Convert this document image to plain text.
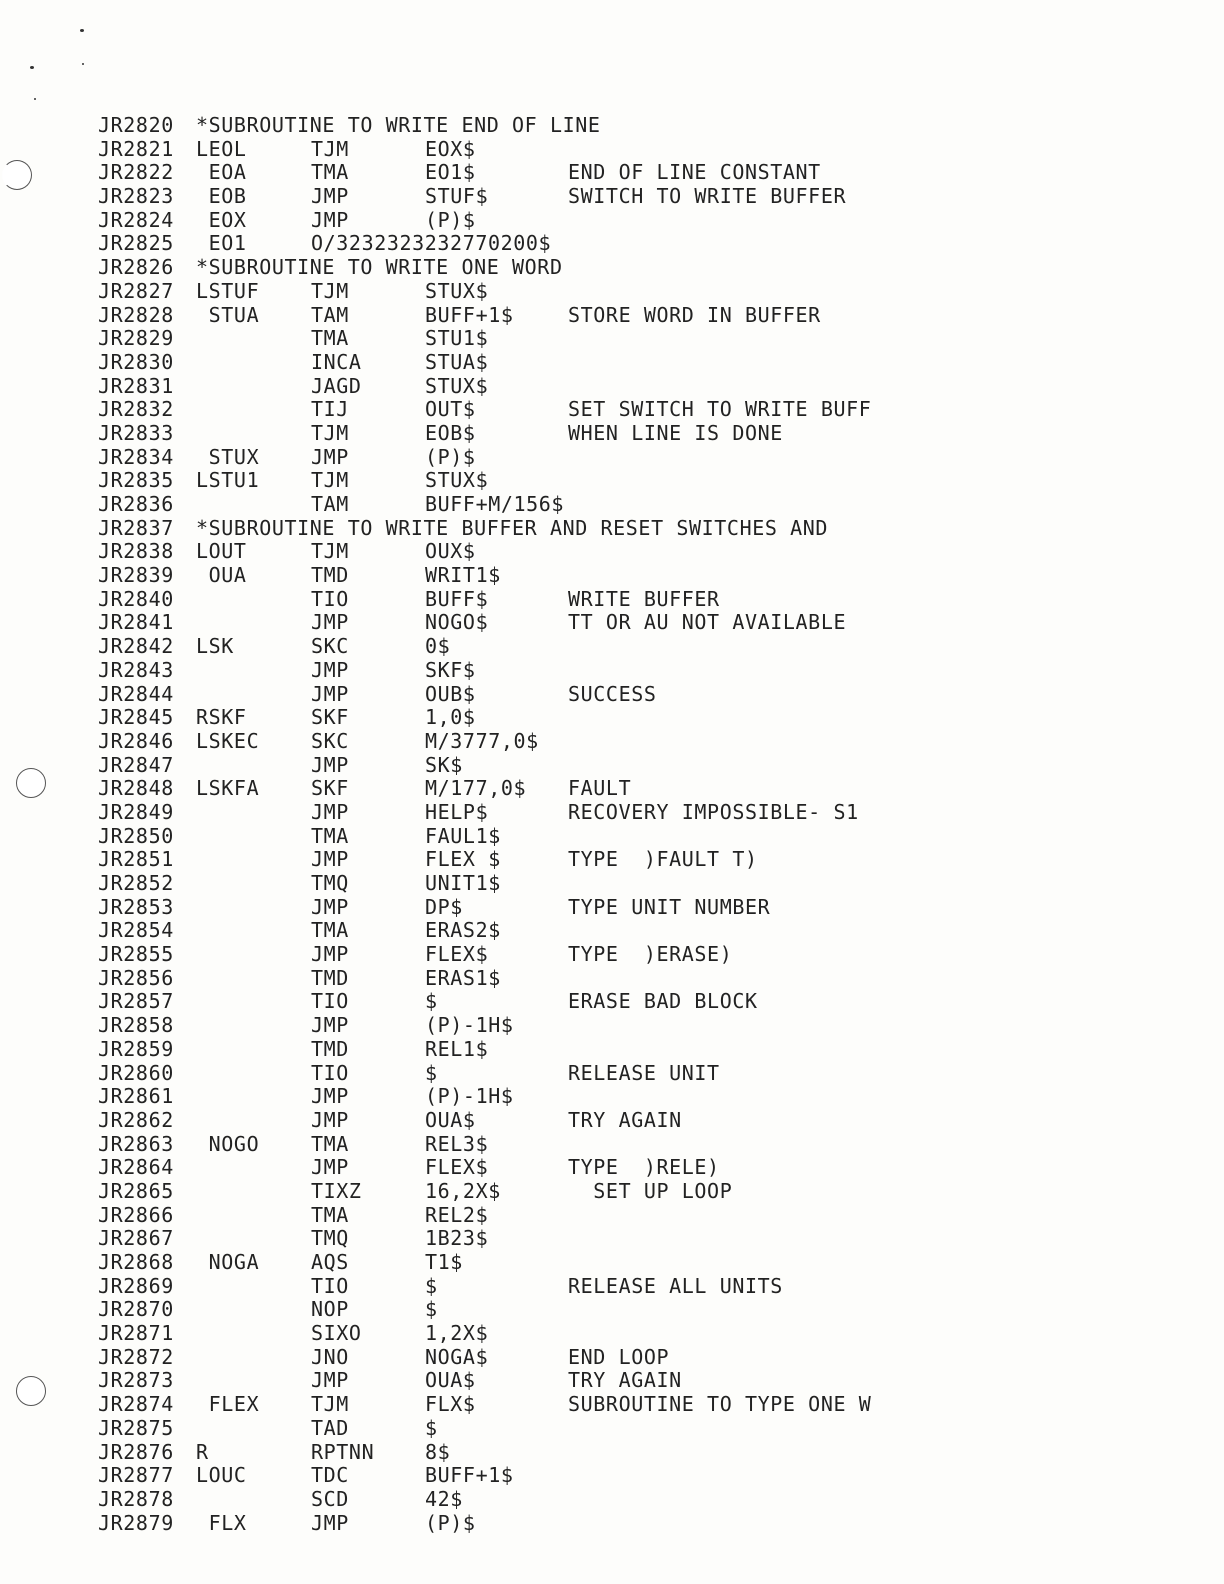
JR2820 *SUBROUTINE TO WRITE END OF LINE
JR2821 LEOL	TJM	EOX$
JR2822 EOA	TMA	EO1$	END OF LINE CONSTANT
JR2823 EOB	JMP	STUF$	SWITCH TO WRITE BUFFER
JR2824 EOX	JMP	(P)$
JR2825 EO1	O/3232323232770200$
JR2826 *SUBROUTINE TO WRITE ONE WORD
JR2827 LSTUF	TJM	STUX$
JR2828 STUA	TAM	BUFF+1$	STORE WORD IN BUFFER
JR2829	TMA	STU1$
JR2830	INCA	STUA$
JR2831	JAGD	STUX$
JR2832	TIJ	OUT$	SET SWITCH TO WRITE BUFF
JR2833	TJM	EOB$	WHEN LINE IS DONE
JR2834 STUX	JMP	(P)$
JR2835 LSTU1	TJM	STUX$
JR2836	TAM	BUFF+M/156$
JR2837 *SUBROUTINE TO WRITE BUFFER AND RESET SWITCHES AND
JR2838 LOUT	TJM	OUX$
JR2839 OUA	TMD	WRIT1$
JR2840	TIO	BUFF$	WRITE BUFFER
JR2841	JMP	NOGO$	TT OR AU NOT AVAILABLE
JR2842 LSK	SKC	0$
JR2843	JMP	SKF$
JR2844	JMP	OUB$	SUCCESS
JR2845 RSKF	SKF	1,0$
JR2846 LSKEC	SKC	M/3777,0$
JR2847	JMP	SK$
JR2848 LSKFA	SKF	M/177,0$ FAULT
JR2849	JMP	HELP$	RECOVERY IMPOSSIBLE- S1
JR2850	TMA	FAUL1$
JR2851	JMP	FLEX $	TYPE  )FAULT T)
JR2852	TMQ	UNIT1$
JR2853	JMP	DP$	TYPE UNIT NUMBER
JR2854	TMA	ERAS2$
JR2855	JMP	FLEX$	TYPE  )ERASE)
JR2856	TMD	ERAS1$
JR2857	TIO	$	ERASE BAD BLOCK
JR2858	JMP	(P)-1H$
JR2859	TMD	REL1$
JR2860	TIO	$	RELEASE UNIT
JR2861	JMP	(P)-1H$
JR2862	JMP	OUA$	TRY AGAIN
JR2863 NOGO	TMA	REL3$
JR2864	JMP	FLEX$	TYPE  )RELE)
JR2865	TIXZ	16,2X$	SET UP LOOP
JR2866	TMA	REL2$
JR2867	TMQ	1B23$
JR2868 NOGA	AQS	T1$
JR2869	TIO	$	RELEASE ALL UNITS
JR2870	NOP	$
JR2871	SIXO	1,2X$
JR2872	JNO	NOGA$	END LOOP
JR2873	JMP	OUA$	TRY AGAIN
JR2874 FLEX	TJM	FLX$	SUBROUTINE TO TYPE ONE W
JR2875	TAD	$
JR2876 R	RPTNN	8$
JR2877 LOUC	TDC	BUFF+1$
JR2878	SCD	42$
JR2879 FLX	JMP	(P)$
